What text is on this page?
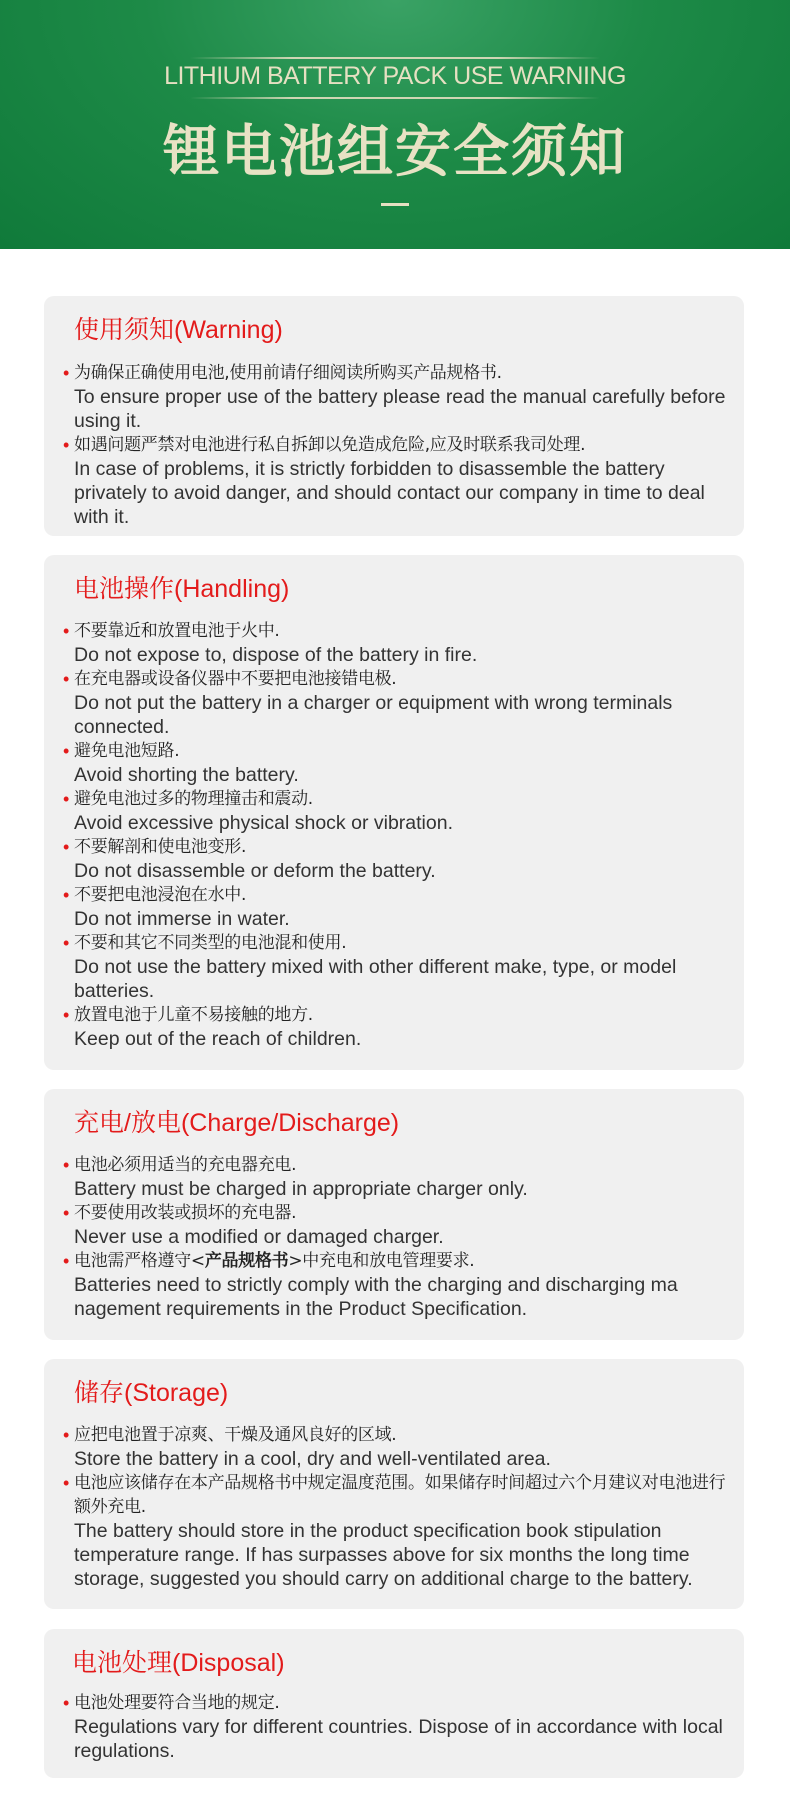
LITHIUM BATTERY PACK USE WARNING
锂电池组安全须知
使用须知(Warning)
• 为确保正确使用电池,使用前请仔细阅读所购买产品规格书.
To ensure proper use of the battery please read the manual carefully before using it.
• 如遇问题严禁对电池进行私自拆卸以免造成危险,应及时联系我司处理.
In case of problems, it is strictly forbidden to disassemble the battery privately to avoid danger, and should contact our company in time to deal with it.
电池操作(Handling)
• 不要靠近和放置电池于火中.
Do not expose to, dispose of the battery in fire.
• 在充电器或设备仪器中不要把电池接错电极.
Do not put the battery in a charger or equipment with wrong terminals connected.
• 避免电池短路.
Avoid shorting the battery.
• 避免电池过多的物理撞击和震动.
Avoid excessive physical shock or vibration.
• 不要解剖和使电池变形.
Do not disassemble or deform the battery.
• 不要把电池浸泡在水中.
Do not immerse in water.
• 不要和其它不同类型的电池混和使用.
Do not use the battery mixed with other different make, type, or model batteries.
• 放置电池于儿童不易接触的地方.
Keep out of the reach of children.
充电/放电(Charge/Discharge)
• 电池必须用适当的充电器充电.
Battery must be charged in appropriate charger only.
• 不要使用改装或损坏的充电器.
Never use a modified or damaged charger.
• 电池需严格遵守<产品规格书>中充电和放电管理要求.
Batteries need to strictly comply with the charging and discharging ma nagement requirements in the Product Specification.
储存(Storage)
• 应把电池置于凉爽、干燥及通风良好的区域.
Store the battery in a cool, dry and well-ventilated area.
• 电池应该储存在本产品规格书中规定温度范围。如果储存时间超过六个月建议对电池进行额外充电.
The battery should store in the product specification book stipulation temperature range. If has surpasses above for six months the long time storage, suggested you should carry on additional charge to the battery.
电池处理(Disposal)
• 电池处理要符合当地的规定.
Regulations vary for different countries. Dispose of in accordance with local regulations.
